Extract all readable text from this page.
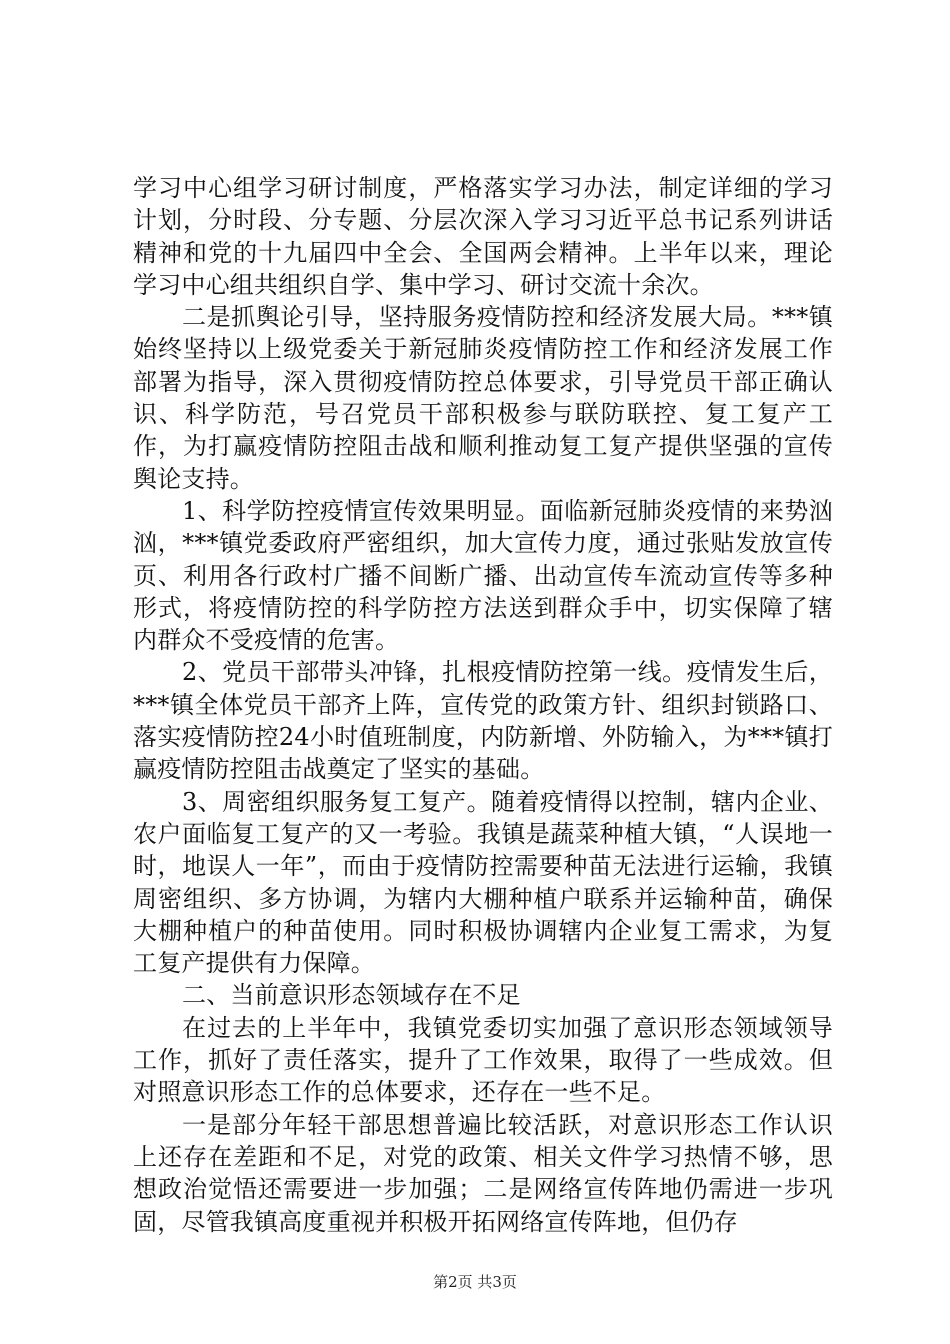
学习中心组学习研讨制度，严格落实学习办法，制定详细的学习计划，分时段、分专题、分层次深入学习习近平总书记系列讲话精神和党的十九届四中全会、全国两会精神。上半年以来，理论学习中心组共组织自学、集中学习、研讨交流十余次。

二是抓舆论引导，坚持服务疫情防控和经济发展大局。***镇始终坚持以上级党委关于新冠肺炎疫情防控工作和经济发展工作部署为指导，深入贯彻疫情防控总体要求，引导党员干部正确认识、科学防范，号召党员干部积极参与联防联控、复工复产工作，为打赢疫情防控阻击战和顺利推动复工复产提供坚强的宣传舆论支持。

1、科学防控疫情宣传效果明显。面临新冠肺炎疫情的来势汹汹，***镇党委政府严密组织，加大宣传力度，通过张贴发放宣传页、利用各行政村广播不间断广播、出动宣传车流动宣传等多种形式，将疫情防控的科学防控方法送到群众手中，切实保障了辖内群众不受疫情的危害。

2、党员干部带头冲锋，扎根疫情防控第一线。疫情发生后，***镇全体党员干部齐上阵，宣传党的政策方针、组织封锁路口、落实疫情防控24小时值班制度，内防新增、外防输入，为***镇打赢疫情防控阻击战奠定了坚实的基础。

3、周密组织服务复工复产。随着疫情得以控制，辖内企业、农户面临复工复产的又一考验。我镇是蔬菜种植大镇，“人误地一时，地误人一年”，而由于疫情防控需要种苗无法进行运输，我镇周密组织、多方协调，为辖内大棚种植户联系并运输种苗，确保大棚种植户的种苗使用。同时积极协调辖内企业复工需求，为复工复产提供有力保障。

二、当前意识形态领域存在不足

在过去的上半年中，我镇党委切实加强了意识形态领域领导工作，抓好了责任落实，提升了工作效果，取得了一些成效。但对照意识形态工作的总体要求，还存在一些不足。

一是部分年轻干部思想普遍比较活跃，对意识形态工作认识上还存在差距和不足，对党的政策、相关文件学习热情不够，思想政治觉悟还需要进一步加强；二是网络宣传阵地仍需进一步巩固，尽管我镇高度重视并积极开拓网络宣传阵地，但仍存

第2页 共3页
